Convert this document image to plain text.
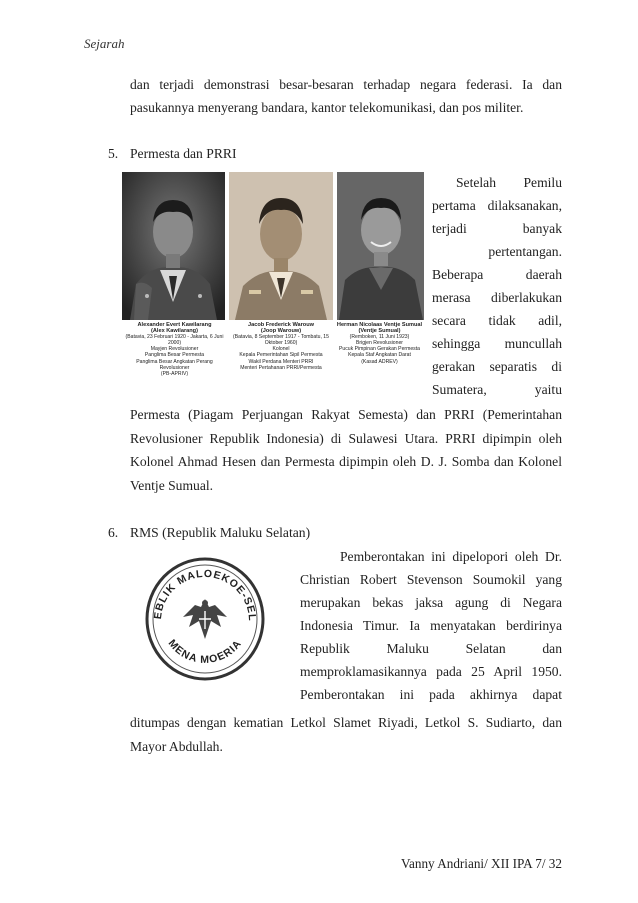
Sejarah
dan terjadi demonstrasi besar-besaran terhadap negara federasi. Ia dan
pasukannya menyerang bandara, kantor telekomunikasi, dan pos militer.
5. Permesta dan PRRI
Alexander Evert Kawilarang
(Alex Kawilarang)
(Batavia, 23 Februari 1920 - Jakarta, 6 Juni 2000)
Mayjen Revolusioner
Panglima Besar Permesta
Panglima Besar Angkatan Perang Revolusioner
(PB-APRIV)
Jacob Frederick Warouw
(Joop Warouw)
(Batavia, 8 September 1917 - Tombatu, 15 Oktober 1960)
Kolonel
Kepala Pemerintahan Sipil Permesta
Wakil Perdana Menteri PRRI
Menteri Pertahanan PRRI/Permesta
Herman Nicolaas Ventje Sumual
(Ventje Sumual)
(Remboken, 11 Juni 1923)
Brigjen Revolusioner
Pucuk Pimpinan Gerakan Permesta
Kepala Staf Angkatan Darat
(Kasad ADREV)
Setelah Pemilu
pertama dilaksanakan,
terjadi banyak
pertentangan.
Beberapa daerah
merasa diberlakukan
secara tidak adil,
sehingga muncullah
gerakan separatis di
Sumatera, yaitu
Permesta (Piagam Perjuangan Rakyat Semesta) dan PRRI (Pemerintahan
Revolusioner Republik Indonesia) di Sulawesi Utara. PRRI dipimpin oleh
Kolonel Ahmad Hesen dan Permesta dipimpin oleh D. J. Somba dan Kolonel
Ventje Sumual.
6. RMS (Republik Maluku Selatan)
EBLIK MALOEKOE-SEL
MENA MOERIA
Pemberontakan ini dipelopori oleh Dr.
Christian Robert Stevenson Soumokil yang
merupakan bekas jaksa agung di Negara
Indonesia Timur. Ia menyatakan berdirinya
Republik Maluku Selatan dan
memproklamasikannya pada 25 April 1950.
Pemberontakan ini pada akhirnya dapat
ditumpas dengan kematian Letkol Slamet Riyadi, Letkol S. Sudiarto, dan
Mayor Abdullah.
Vanny Andriani/ XII IPA 7/ 32
